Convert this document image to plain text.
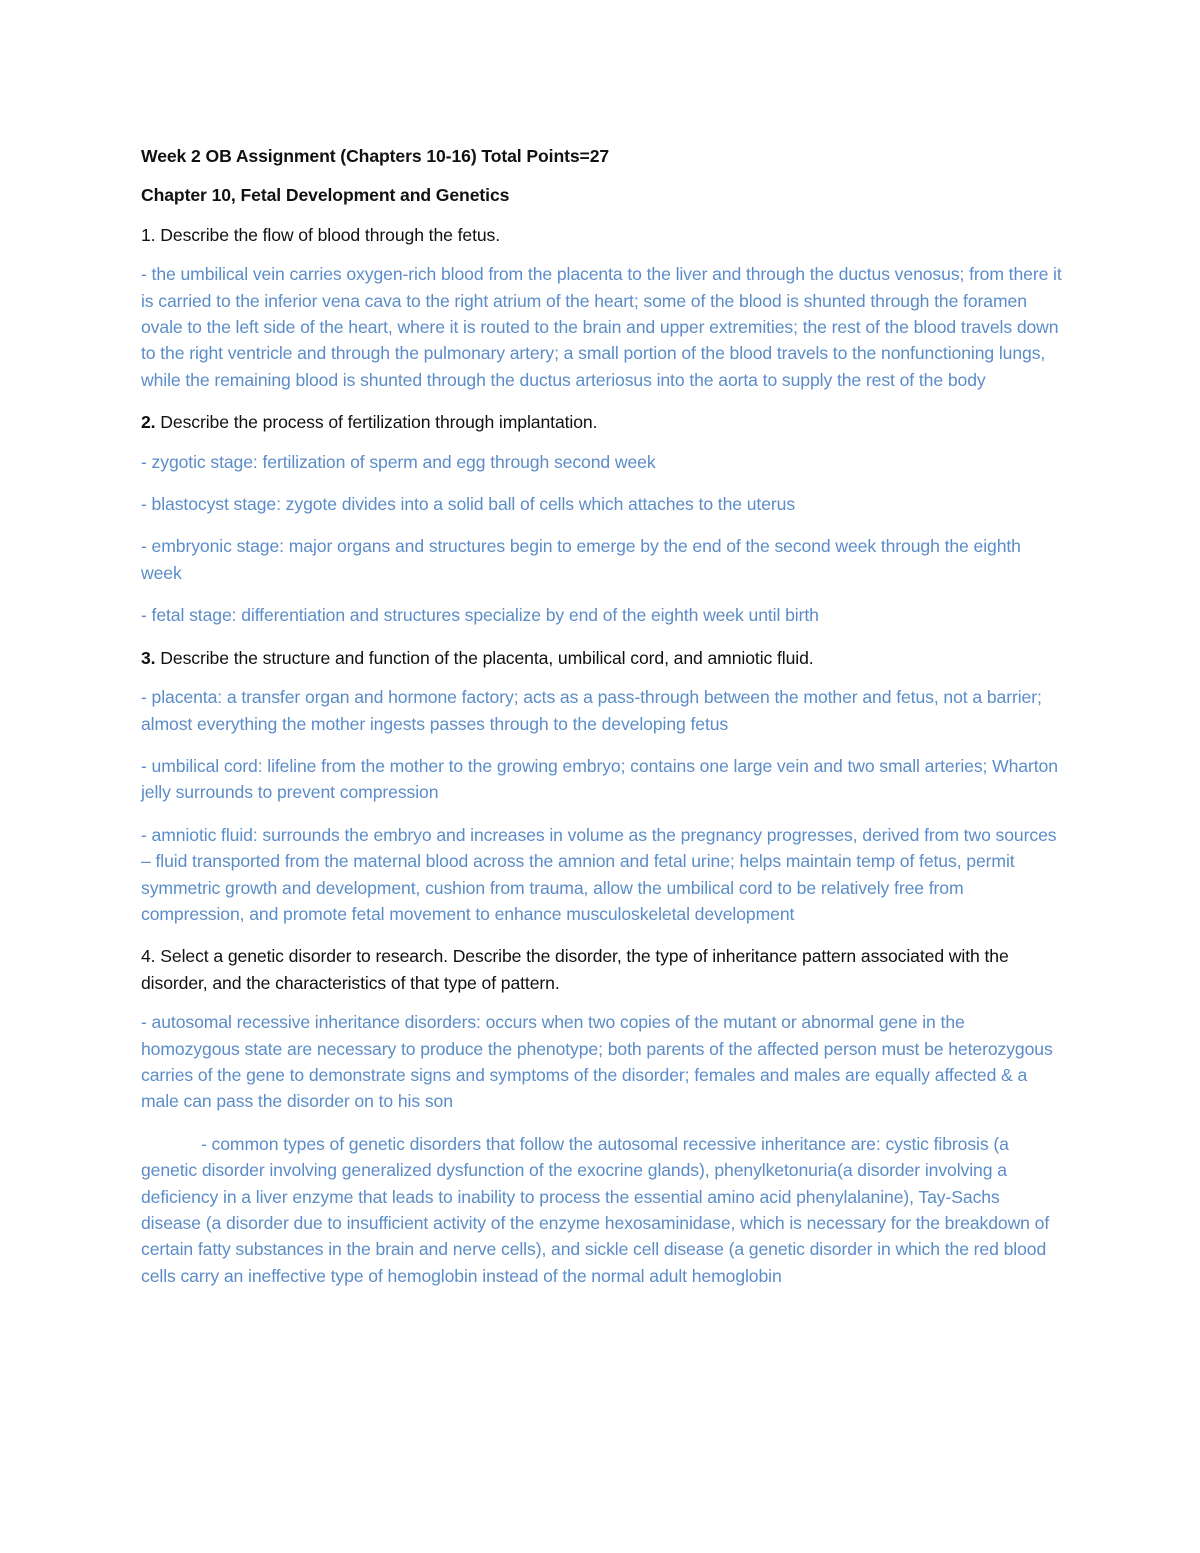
Week 2 OB Assignment (Chapters 10-16) Total Points=27

Chapter 10, Fetal Development and Genetics

1. Describe the flow of blood through the fetus.

- the umbilical vein carries oxygen-rich blood from the placenta to the liver and through the ductus venosus; from there it is carried to the inferior vena cava to the right atrium of the heart; some of the blood is shunted through the foramen ovale to the left side of the heart, where it is routed to the brain and upper extremities; the rest of the blood travels down to the right ventricle and through the pulmonary artery; a small portion of the blood travels to the nonfunctioning lungs, while the remaining blood is shunted through the ductus arteriosus into the aorta to supply the rest of the body

2. Describe the process of fertilization through implantation.

- zygotic stage: fertilization of sperm and egg through second week

- blastocyst stage: zygote divides into a solid ball of cells which attaches to the uterus

- embryonic stage: major organs and structures begin to emerge by the end of the second week through the eighth week

- fetal stage: differentiation and structures specialize by end of the eighth week until birth

3. Describe the structure and function of the placenta, umbilical cord, and amniotic fluid.

- placenta: a transfer organ and hormone factory; acts as a pass-through between the mother and fetus, not a barrier; almost everything the mother ingests passes through to the developing fetus

- umbilical cord: lifeline from the mother to the growing embryo; contains one large vein and two small arteries; Wharton jelly surrounds to prevent compression

- amniotic fluid: surrounds the embryo and increases in volume as the pregnancy progresses, derived from two sources – fluid transported from the maternal blood across the amnion and fetal urine; helps maintain temp of fetus, permit symmetric growth and development, cushion from trauma, allow the umbilical cord to be relatively free from compression, and promote fetal movement to enhance musculoskeletal development

4. Select a genetic disorder to research. Describe the disorder, the type of inheritance pattern associated with the disorder, and the characteristics of that type of pattern.

- autosomal recessive inheritance disorders: occurs when two copies of the mutant or abnormal gene in the homozygous state are necessary to produce the phenotype; both parents of the affected person must be heterozygous carries of the gene to demonstrate signs and symptoms of the disorder; females and males are equally affected & a male can pass the disorder on to his son

- common types of genetic disorders that follow the autosomal recessive inheritance are: cystic fibrosis (a genetic disorder involving generalized dysfunction of the exocrine glands), phenylketonuria(a disorder involving a deficiency in a liver enzyme that leads to inability to process the essential amino acid phenylalanine), Tay-Sachs disease (a disorder due to insufficient activity of the enzyme hexosaminidase, which is necessary for the breakdown of certain fatty substances in the brain and nerve cells), and sickle cell disease (a genetic disorder in which the red blood cells carry an ineffective type of hemoglobin instead of the normal adult hemoglobin
